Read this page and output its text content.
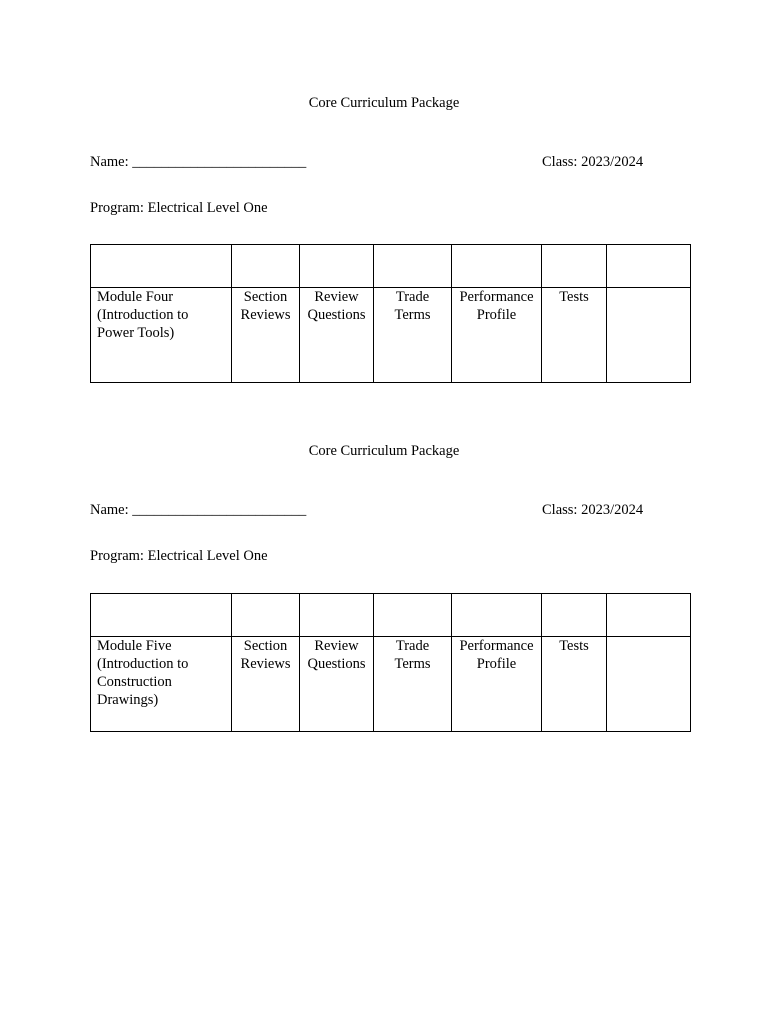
Core Curriculum Package
Name: ________________________	Class: 2023/2024
Program: Electrical Level One

Module Four (Introduction to Power Tools)	Section Reviews	Review Questions	Trade Terms	Performance Profile	Tests	

Core Curriculum Package
Name: ________________________	Class: 2023/2024
Program: Electrical Level One

Module Five (Introduction to Construction Drawings)	Section Reviews	Review Questions	Trade Terms	Performance Profile	Tests	
